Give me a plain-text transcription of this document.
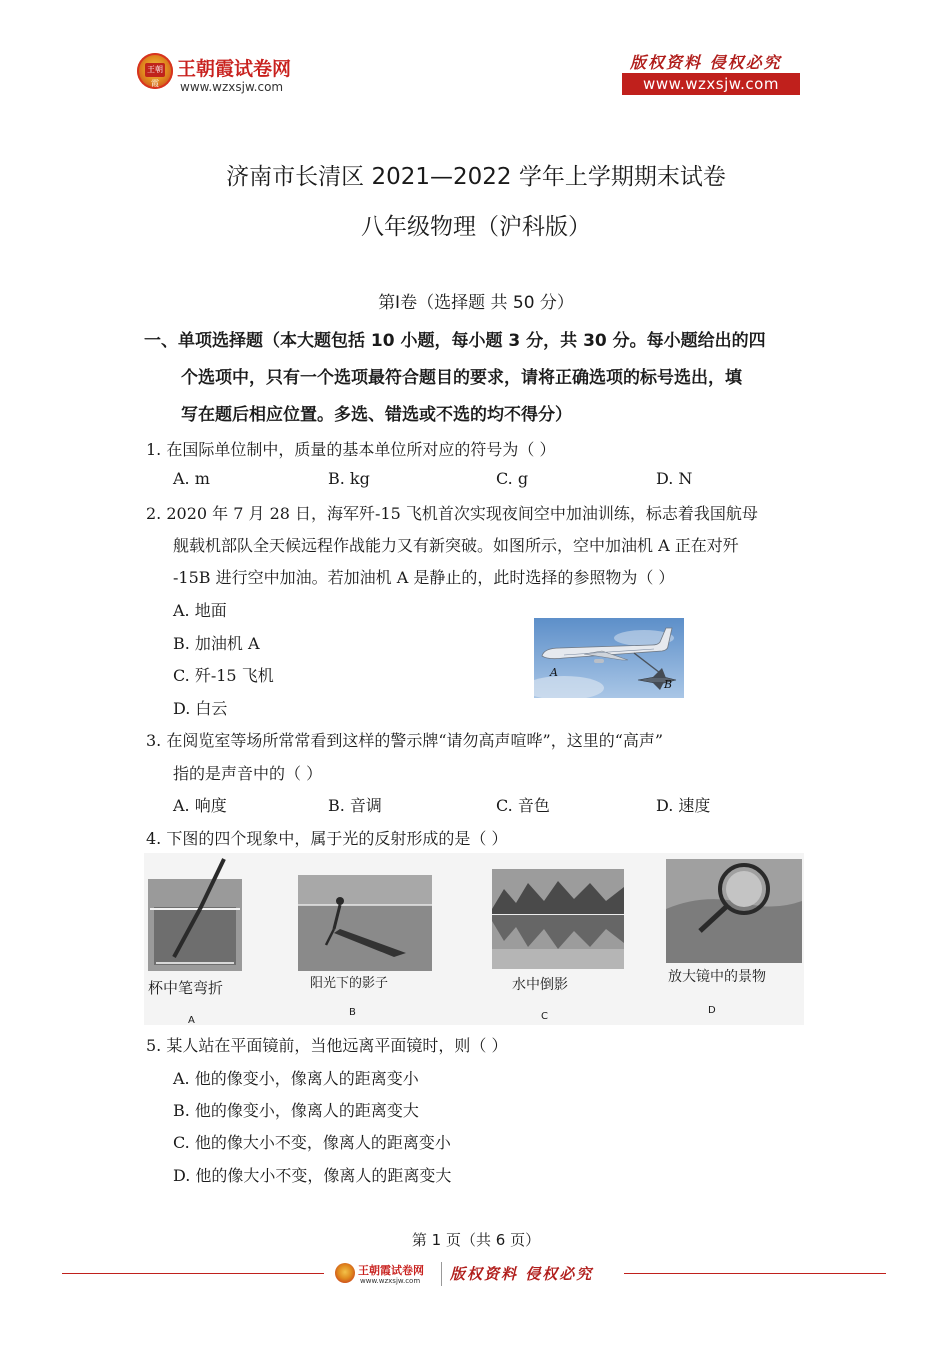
王朝霞
王朝霞试卷网
www.wzxsjw.com
版权资料 侵权必究
www.wzxsjw.com
济南市长清区 2021—2022 学年上学期期末试卷
八年级物理（沪科版）
第Ⅰ卷（选择题 共 50 分）
一、单项选择题（本大题包括 10 小题，每小题 3 分，共 30 分。每小题给出的四
个选项中，只有一个选项最符合题目的要求，请将正确选项的标号选出，填
写在题后相应位置。多选、错选或不选的均不得分）
1. 在国际单位制中，质量的基本单位所对应的符号为（ ）
A. m	B. kg	C. g	D. N
2. 2020 年 7 月 28 日，海军歼-15 飞机首次实现夜间空中加油训练，标志着我国航母
舰载机部队全天候远程作战能力又有新突破。如图所示，空中加油机 A 正在对歼
-15B 进行空中加油。若加油机 A 是静止的，此时选择的参照物为（ ）
A. 地面
B. 加油机 A
C. 歼-15 飞机
D. 白云
A
B
3. 在阅览室等场所常常看到这样的警示牌“请勿高声喧哗”，这里的“高声”
指的是声音中的（ ）
A. 响度	B. 音调	C. 音色	D. 速度
4. 下图的四个现象中，属于光的反射形成的是（ ）
杯中笔弯折
A
阳光下的影子
B
水中倒影
C
放大镜中的景物
D
5. 某人站在平面镜前，当他远离平面镜时，则（ ）
A. 他的像变小，像离人的距离变小
B. 他的像变小，像离人的距离变大
C. 他的像大小不变，像离人的距离变小
D. 他的像大小不变，像离人的距离变大
第 1 页（共 6 页）
王朝霞试卷网
www.wzxsjw.com 版权资料 侵权必究
